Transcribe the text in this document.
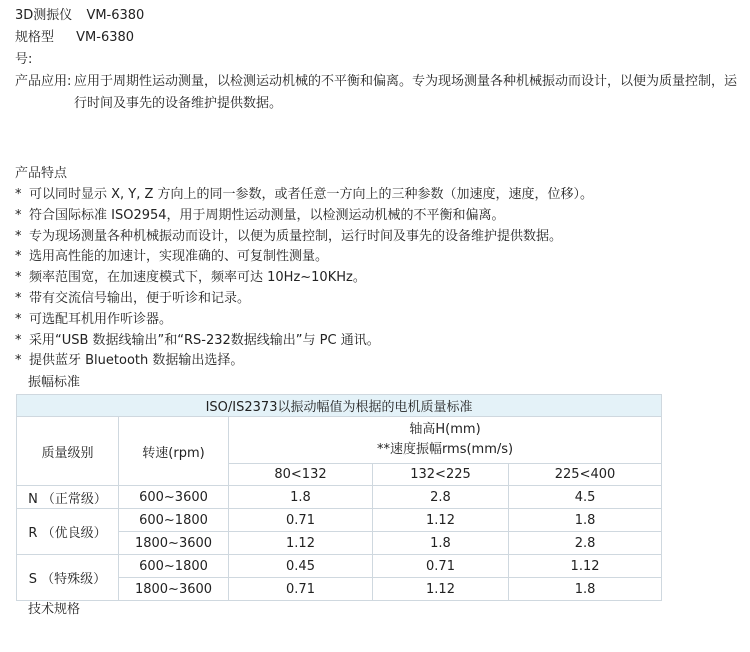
3D测振仪 VM-6380
规格型 VM-6380
号:
产品应用: 应用于周期性运动测量，以检测运动机械的不平衡和偏离。专为现场测量各种机械振动而设计，以便为质量控制，运行时间及事先的设备维护提供数据。
产品特点
* 可以同时显示 X, Y, Z 方向上的同一参数，或者任意一方向上的三种参数（加速度，速度，位移）。
* 符合国际标准 ISO2954，用于周期性运动测量，以检测运动机械的不平衡和偏离。
* 专为现场测量各种机械振动而设计，以便为质量控制，运行时间及事先的设备维护提供数据。
* 选用高性能的加速计，实现准确的、可复制性测量。
* 频率范围宽，在加速度模式下，频率可达 10Hz~10KHz。
* 带有交流信号输出，便于听诊和记录。
* 可选配耳机用作听诊器。
* 采用“USB 数据线输出”和“RS-232数据线输出”与 PC 通讯。
* 提供蓝牙 Bluetooth 数据输出选择。
振幅标准
ISO/IS2373以振动幅值为根据的电机质量标准				
质量级别	转速(rpm)	轴高H(mm)
**速度振幅rms(mm/s)		

		80<132	132<225	225<400
N （正常级）	600~3600	1.8	2.8	4.5
R （优良级）	600~1800	0.71	1.12	1.8
	1800~3600	1.12	1.8	2.8
S （特殊级）	600~1800	0.45	0.71	1.12
	1800~3600	0.71	1.12	1.8
技术规格
